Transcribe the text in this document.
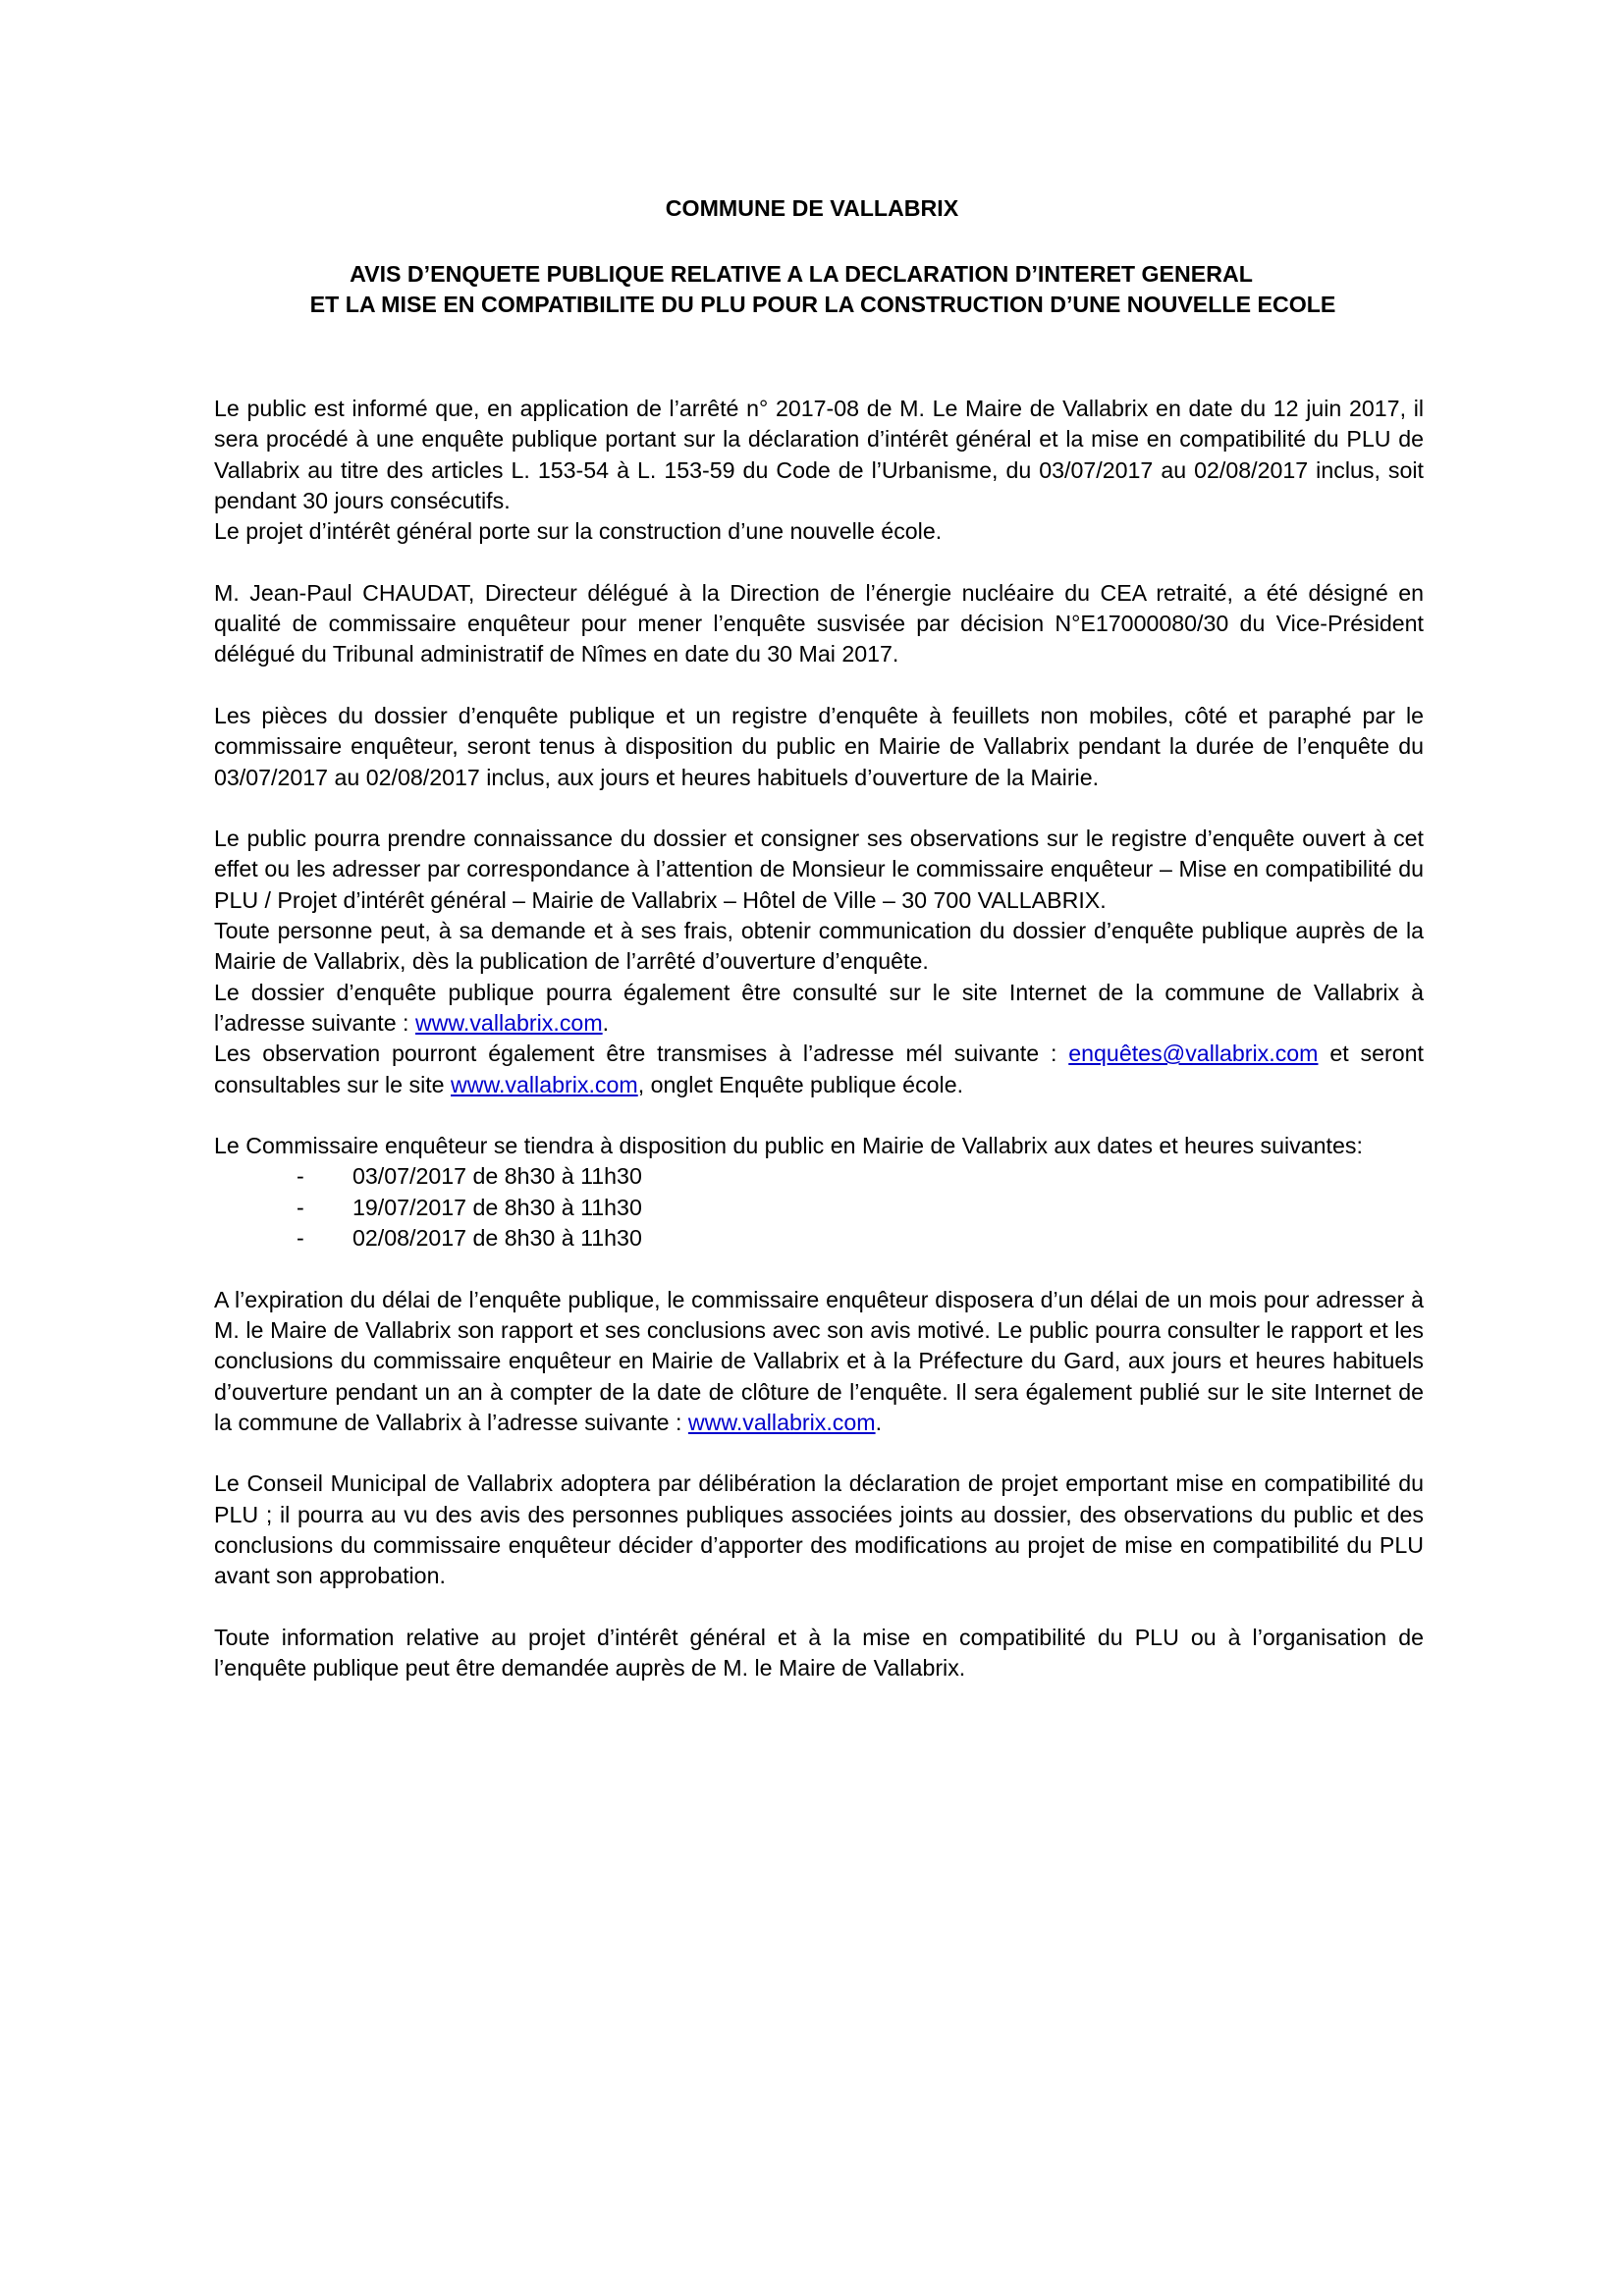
COMMUNE DE VALLABRIX
AVIS D’ENQUETE PUBLIQUE RELATIVE A LA DECLARATION D’INTERET GENERAL
ET LA MISE EN COMPATIBILITE DU PLU POUR LA CONSTRUCTION D’UNE NOUVELLE ECOLE

Le public est informé que, en application de l’arrêté n° 2017-08 de M. Le Maire de Vallabrix en date du 12 juin 2017, il sera procédé à une enquête publique portant sur la déclaration d’intérêt général et la mise en compatibilité du PLU de Vallabrix au titre des articles L. 153-54 à L. 153-59 du Code de l’Urbanisme, du 03/07/2017 au 02/08/2017 inclus, soit pendant 30 jours consécutifs.

Le projet d’intérêt général porte sur la construction d’une nouvelle école.

M. Jean-Paul CHAUDAT, Directeur délégué à la Direction de l’énergie nucléaire du CEA retraité, a été désigné en qualité de commissaire enquêteur pour mener l’enquête susvisée par décision N°E17000080/30 du Vice-Président délégué du Tribunal administratif de Nîmes en date du 30 Mai 2017.

Les pièces du dossier d’enquête publique et un registre d’enquête à feuillets non mobiles, côté et paraphé par le commissaire enquêteur, seront tenus à disposition du public en Mairie de Vallabrix pendant la durée de l’enquête du 03/07/2017 au 02/08/2017 inclus, aux jours et heures habituels d’ouverture de la Mairie.

Le public pourra prendre connaissance du dossier et consigner ses observations sur le registre d’enquête ouvert à cet effet ou les adresser par correspondance à l’attention de Monsieur le commissaire enquêteur – Mise en compatibilité du PLU / Projet d’intérêt général – Mairie de Vallabrix – Hôtel de Ville – 30 700 VALLABRIX.

Toute personne peut, à sa demande et à ses frais, obtenir communication du dossier d’enquête publique auprès de la Mairie de Vallabrix, dès la publication de l’arrêté d’ouverture d’enquête.

Le dossier d’enquête publique pourra également être consulté sur le site Internet de la commune de Vallabrix à l’adresse suivante : www.vallabrix.com.

Les observation pourront également être transmises à l’adresse mél suivante : enquêtes@vallabrix.com et seront consultables sur le site www.vallabrix.com, onglet Enquête publique école.

Le Commissaire enquêteur se tiendra à disposition du public en Mairie de Vallabrix aux dates et heures suivantes:

- 03/07/2017 de 8h30 à 11h30
- 19/07/2017 de 8h30 à 11h30
- 02/08/2017 de 8h30 à 11h30

A l’expiration du délai de l’enquête publique, le commissaire enquêteur disposera d’un délai de un mois pour adresser à M. le Maire de Vallabrix son rapport et ses conclusions avec son avis motivé. Le public pourra consulter le rapport et les conclusions du commissaire enquêteur en Mairie de Vallabrix et à la Préfecture du Gard, aux jours et heures habituels d’ouverture pendant un an à compter de la date de clôture de l’enquête. Il sera également publié sur le site Internet de la commune de Vallabrix à l’adresse suivante : www.vallabrix.com.

Le Conseil Municipal de Vallabrix adoptera par délibération la déclaration de projet emportant mise en compatibilité du PLU ; il pourra au vu des avis des personnes publiques associées joints au dossier, des observations du public et des conclusions du commissaire enquêteur décider d’apporter des modifications au projet de mise en compatibilité du PLU avant son approbation.

Toute information relative au projet d’intérêt général et à la mise en compatibilité du PLU ou à l’organisation de l’enquête publique peut être demandée auprès de M. le Maire de Vallabrix.
